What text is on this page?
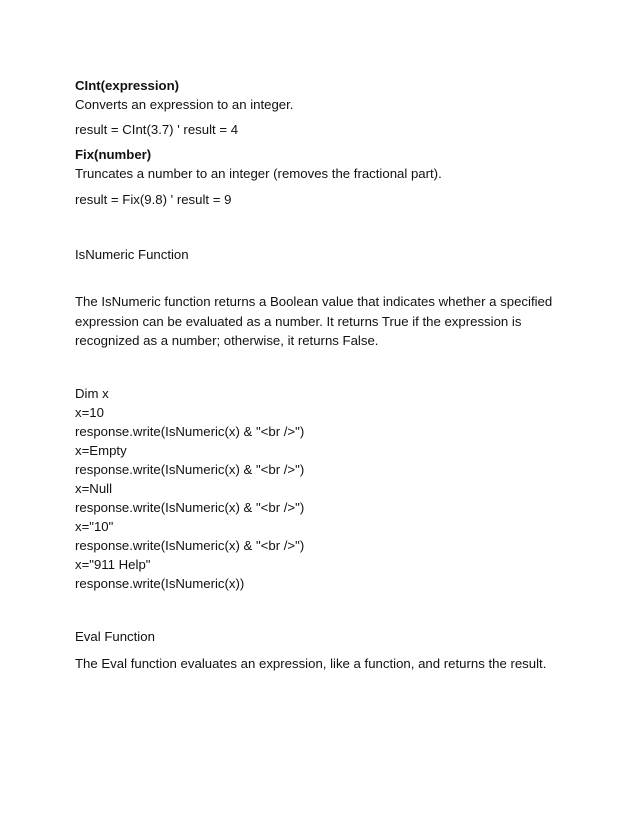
CInt(expression)
Converts an expression to an integer.
result = CInt(3.7) ' result = 4
Fix(number)
Truncates a number to an integer (removes the fractional part).
result = Fix(9.8) ' result = 9
IsNumeric Function
The IsNumeric function returns a Boolean value that indicates whether a specified
expression can be evaluated as a number. It returns True if the expression is
recognized as a number; otherwise, it returns False.
Dim x
x=10
response.write(IsNumeric(x) & "<br />")
x=Empty
response.write(IsNumeric(x) & "<br />")
x=Null
response.write(IsNumeric(x) & "<br />")
x="10"
response.write(IsNumeric(x) & "<br />")
x="911 Help"
response.write(IsNumeric(x))
Eval Function
The Eval function evaluates an expression, like a function, and returns the result.
